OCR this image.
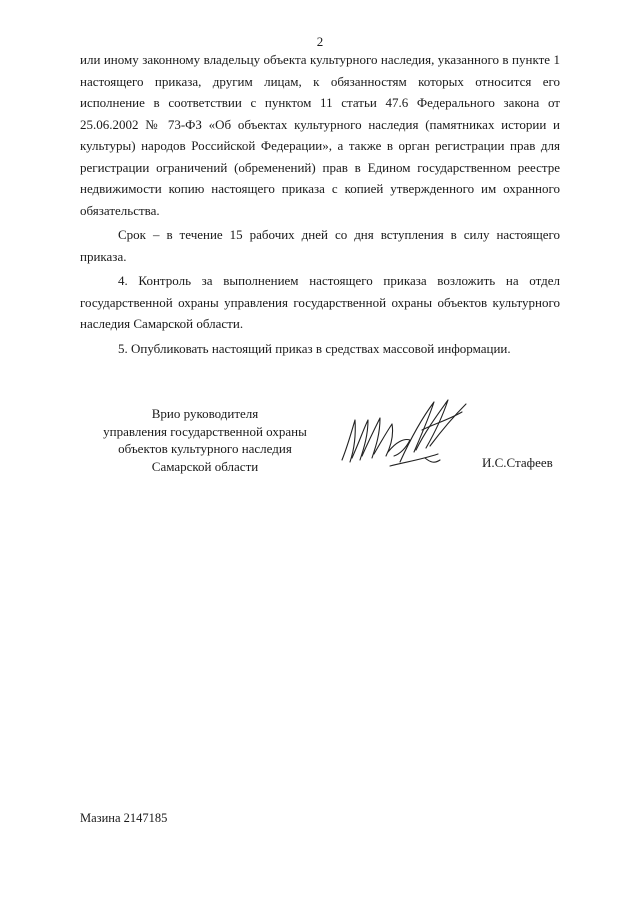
2

или иному законному владельцу объекта культурного наследия, указанного в пункте 1 настоящего приказа, другим лицам, к обязанностям которых относится его исполнение в соответствии с пунктом 11 статьи 47.6 Федерального закона от 25.06.2002 № 73-ФЗ «Об объектах культурного наследия (памятниках истории и культуры) народов Российской Федерации», а также в орган регистрации прав для регистрации ограничений (обременений) прав в Едином государственном реестре недвижимости копию настоящего приказа с копией утвержденного им охранного обязательства.

Срок – в течение 15 рабочих дней со дня вступления в силу настоящего приказа.

4. Контроль за выполнением настоящего приказа возложить на отдел государственной охраны управления государственной охраны объектов культурного наследия Самарской области.

5. Опубликовать настоящий приказ в средствах массовой информации.

Врио руководителя
управления государственной охраны
объектов культурного наследия
Самарской области	И.С.Стафеев
Мазина 2147185
